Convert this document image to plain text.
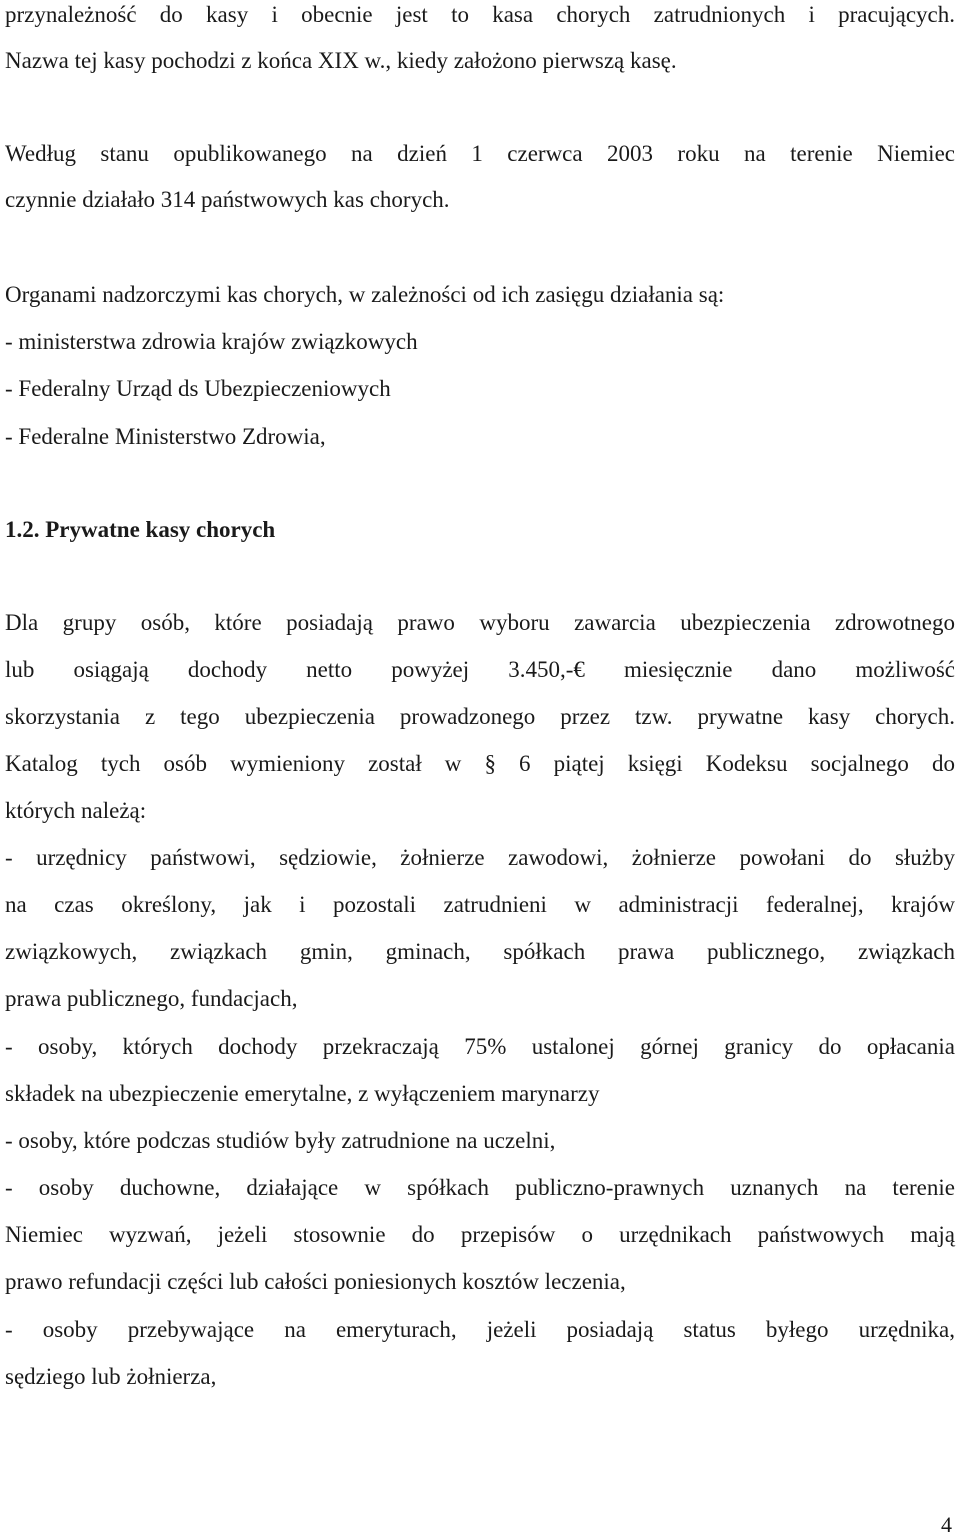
przynależność do kasy i obecnie jest to kasa chorych zatrudnionych i pracujących.
Nazwa tej kasy pochodzi z końca XIX w., kiedy założono pierwszą kasę.
Według stanu opublikowanego na dzień 1 czerwca 2003 roku na terenie Niemiec
czynnie działało 314 państwowych kas chorych.
Organami nadzorczymi kas chorych, w zależności od ich zasięgu działania są:
- ministerstwa zdrowia krajów związkowych
- Federalny Urząd ds Ubezpieczeniowych
- Federalne Ministerstwo Zdrowia,
1.2. Prywatne kasy chorych
Dla grupy osób, które posiadają prawo wyboru zawarcia ubezpieczenia zdrowotnego
lub osiągają dochody netto powyżej 3.450,-€ miesięcznie dano możliwość
skorzystania z tego ubezpieczenia prowadzonego przez tzw. prywatne kasy chorych.
Katalog tych osób wymieniony został w § 6 piątej księgi Kodeksu socjalnego do
których należą:
- urzędnicy państwowi, sędziowie, żołnierze zawodowi, żołnierze powołani do służby
na czas określony, jak i pozostali zatrudnieni w administracji federalnej, krajów
związkowych, związkach gmin, gminach, spółkach prawa publicznego, związkach
prawa publicznego, fundacjach,
- osoby, których dochody przekraczają 75% ustalonej górnej granicy do opłacania
składek na ubezpieczenie emerytalne, z wyłączeniem marynarzy
- osoby, które podczas studiów były zatrudnione na uczelni,
- osoby duchowne, działające w spółkach publiczno-prawnych uznanych na terenie
Niemiec wyzwań, jeżeli stosownie do przepisów o urzędnikach państwowych mają
prawo refundacji części lub całości poniesionych kosztów leczenia,
- osoby przebywające na emeryturach, jeżeli posiadają status byłego urzędnika,
sędziego lub żołnierza,
4
